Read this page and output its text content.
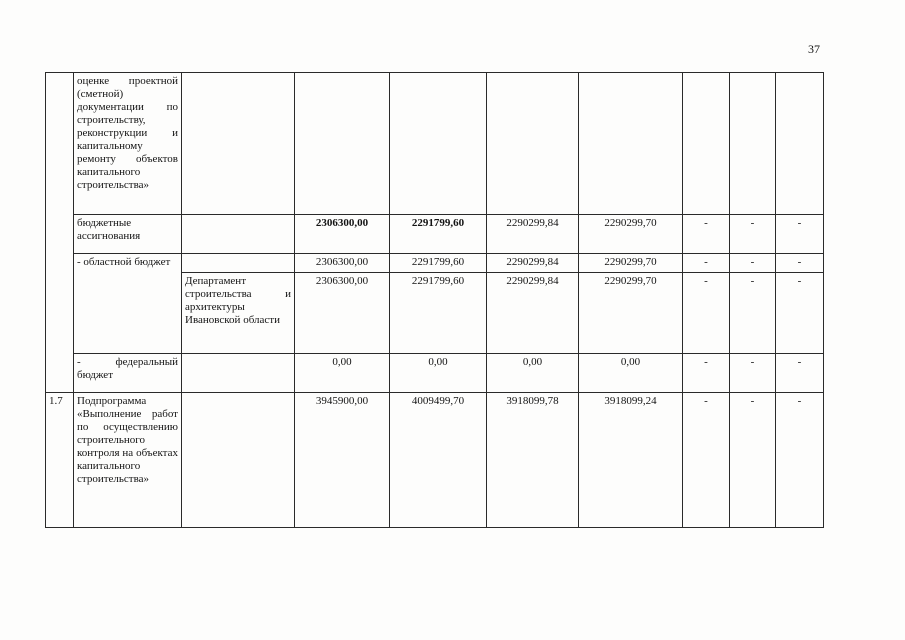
37
	оценке проектной (сметной) документации по строительству, реконструкции и капитальному ремонту объектов капитального строительства»								
	бюджетные ассигнования		2306300,00	2291799,60	2290299,84	2290299,70	-	-	-
	- областной бюджет		2306300,00	2291799,60	2290299,84	2290299,70	-	-	-
		Департамент строительства и архитектуры Ивановской области	2306300,00	2291799,60	2290299,84	2290299,70	-	-	-
	- федеральный бюджет		0,00	0,00	0,00	0,00	-	-	-
1.7	Подпрограмма «Выполнение работ по осуществлению строительного контроля на объектах капитального строительства»		3945900,00	4009499,70	3918099,78	3918099,24	-	-	-
